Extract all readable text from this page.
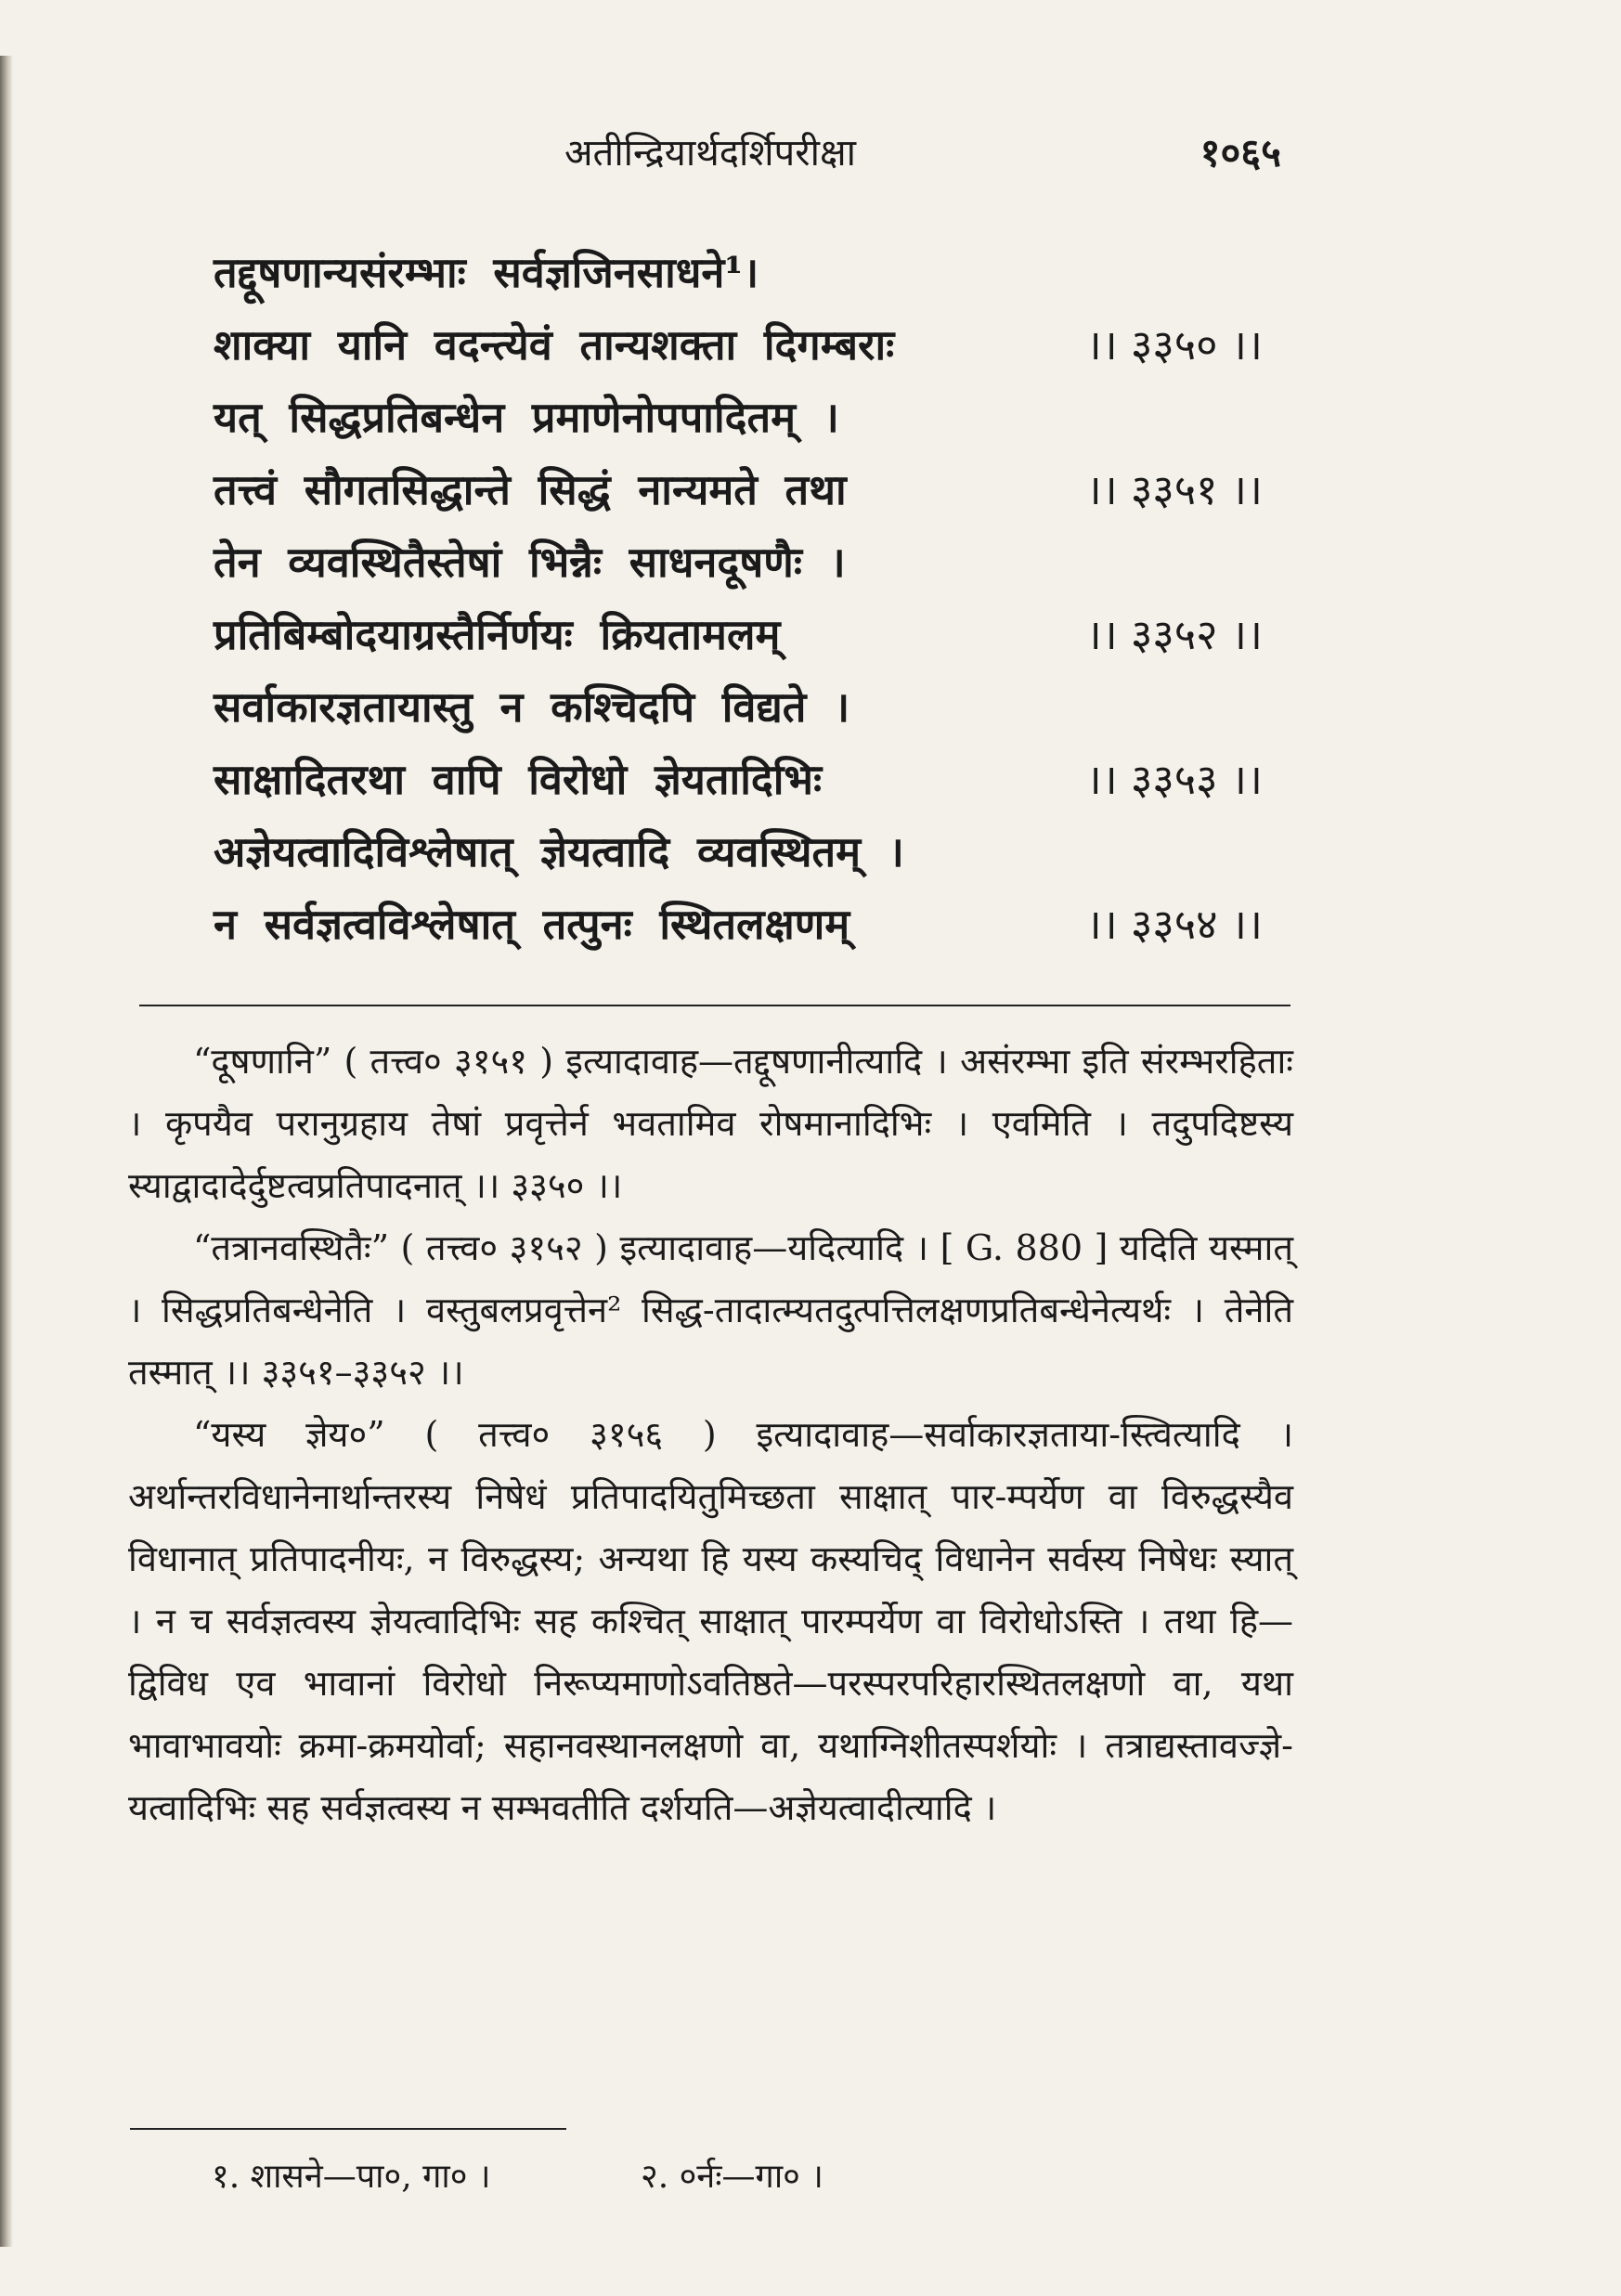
अतीन्द्रियार्थदर्शिपरीक्षा	१०६५
तद्दूषणान्यसंरम्भाः सर्वज्ञजिनसाधने¹।
शाक्या यानि वदन्त्येवं तान्यशक्ता दिगम्बराः	।। ३३५० ।।
यत् सिद्धप्रतिबन्धेन प्रमाणेनोपपादितम् ।
तत्त्वं सौगतसिद्धान्ते सिद्धं नान्यमते तथा	।। ३३५१ ।।
तेन व्यवस्थितैस्तेषां भिन्नैः साधनदूषणैः ।
प्रतिबिम्बोदयाग्रस्तैर्निर्णयः क्रियतामलम्	।। ३३५२ ।।
सर्वाकारज्ञतायास्तु न कश्चिदपि विद्यते ।
साक्षादितरथा वापि विरोधो ज्ञेयतादिभिः	।। ३३५३ ।।
अज्ञेयत्वादिविश्लेषात् ज्ञेयत्वादि व्यवस्थितम् ।
न सर्वज्ञत्वविश्लेषात् तत्पुनः स्थितलक्षणम्	।। ३३५४ ।।

“दूषणानि” ( तत्त्व० ३१५१ ) इत्यादावाह—तद्दूषणानीत्यादि । असंरम्भा इति संरम्भरहिताः । कृपयैव परानुग्रहाय तेषां प्रवृत्तेर्न भवतामिव रोषमानादिभिः । एवमिति । तदुपदिष्टस्य स्याद्वादादेर्दुष्टत्वप्रतिपादनात् ।। ३३५० ।।

“तत्रानवस्थितैः” ( तत्त्व० ३१५२ ) इत्यादावाह—यदित्यादि । [ G. 880 ] यदिति यस्मात् । सिद्धप्रतिबन्धेनेति । वस्तुबलप्रवृत्तेन² सिद्ध-तादात्म्यतदुत्पत्तिलक्षणप्रतिबन्धेनेत्यर्थः । तेनेति तस्मात् ।। ३३५१–३३५२ ।।

“यस्य ज्ञेय०” ( तत्त्व० ३१५६ ) इत्यादावाह—सर्वाकारज्ञताया-स्त्वित्यादि । अर्थान्तरविधानेनार्थान्तरस्य निषेधं प्रतिपादयितुमिच्छता साक्षात् पार-म्पर्येण वा विरुद्धस्यैव विधानात् प्रतिपादनीयः, न विरुद्धस्य; अन्यथा हि यस्य कस्यचिद् विधानेन सर्वस्य निषेधः स्यात् । न च सर्वज्ञत्वस्य ज्ञेयत्वादिभिः सह कश्चित् साक्षात् पारम्पर्येण वा विरोधोऽस्ति । तथा हि—द्विविध एव भावानां विरोधो निरूप्यमाणोऽवतिष्ठते—परस्परपरिहारस्थितलक्षणो वा, यथा भावाभावयोः क्रमा-क्रमयोर्वा; सहानवस्थानलक्षणो वा, यथाग्निशीतस्पर्शयोः । तत्राद्यस्तावज्ज्ञे-यत्वादिभिः सह सर्वज्ञत्वस्य न सम्भवतीति दर्शयति—अज्ञेयत्वादीत्यादि ।

१. शासने—पा०, गा० ।	२. ०र्नः—गा० ।
